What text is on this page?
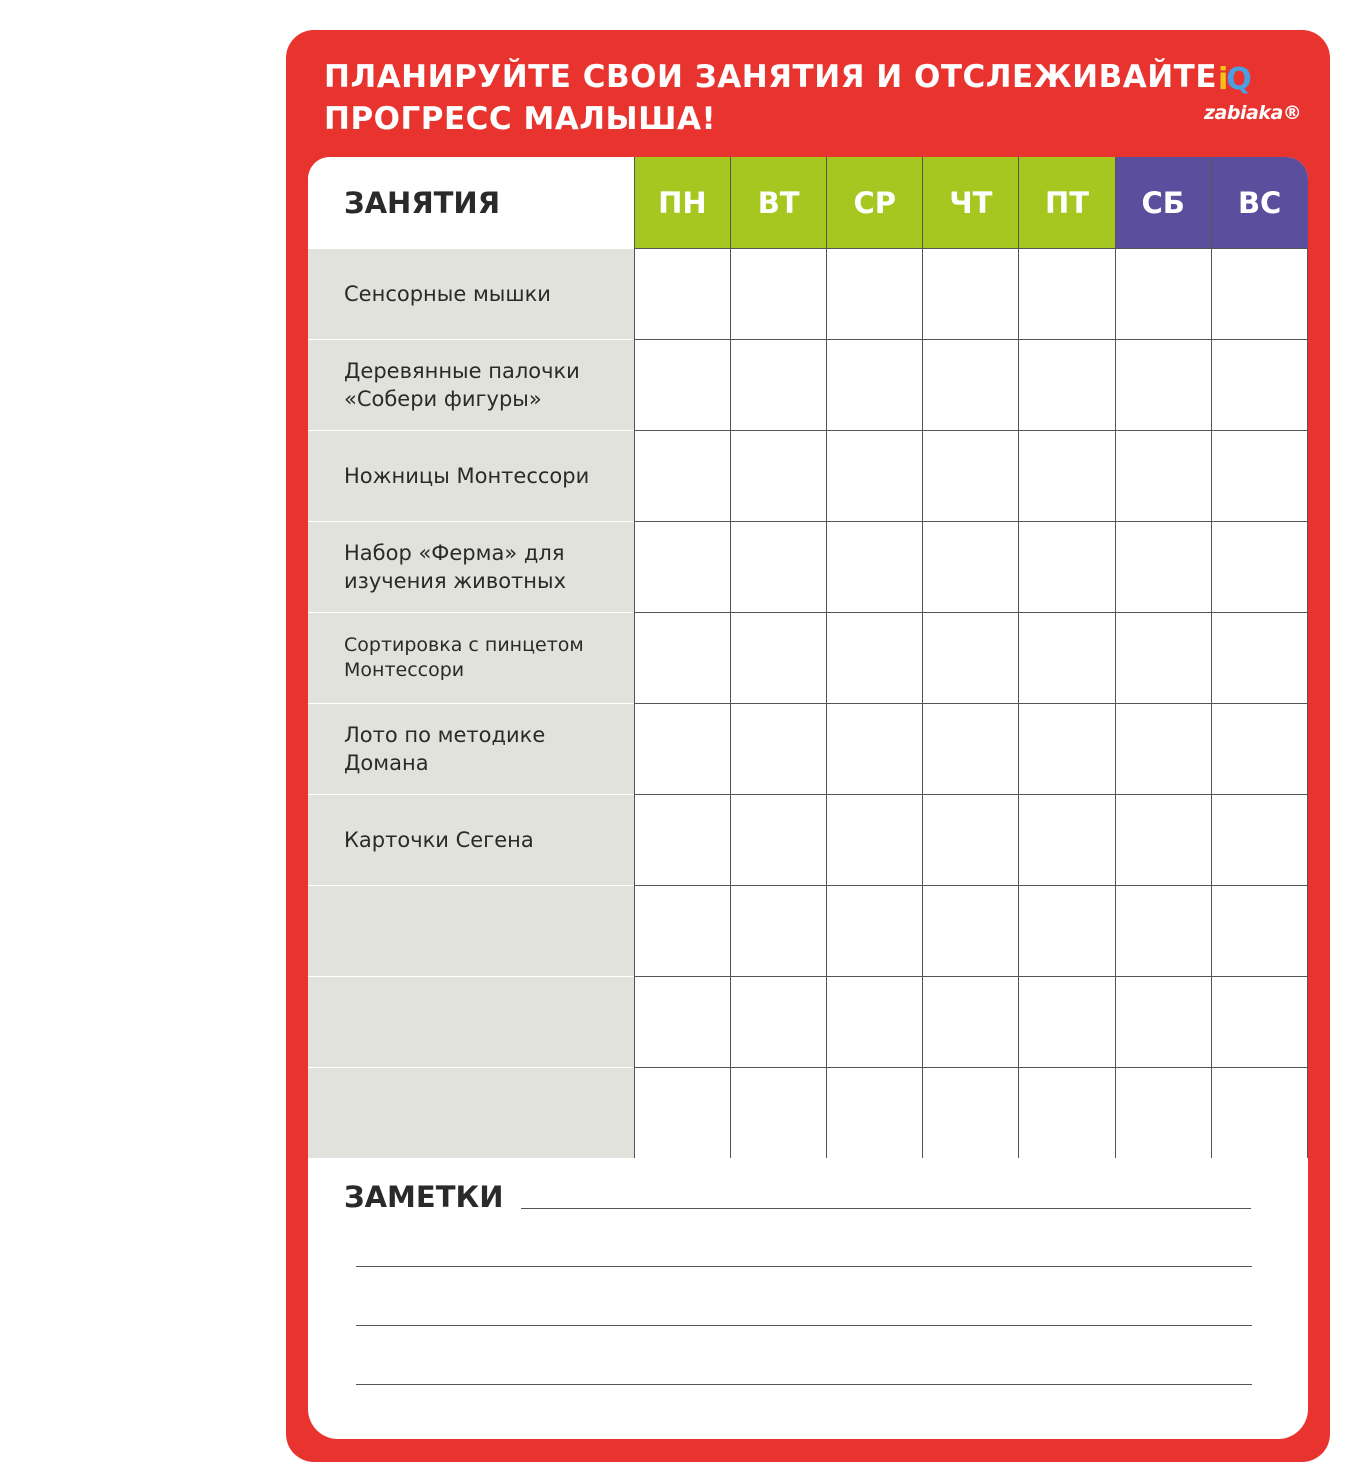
ПЛАНИРУЙТЕ СВОИ ЗАНЯТИЯ И ОТСЛЕЖИВАЙТЕ
ПРОГРЕСС МАЛЫША!
iQ
zabiaka®
ЗАНЯТИЯ	ПН	ВТ	СР	ЧТ	ПТ	СБ	ВС
Сенсорные мышки							
Деревянные палочки «Собери фигуры»							
Ножницы Монтессори							
Набор «Ферма» для изучения животных							
Сортировка с пинцетом Монтессори							
Лото по методике Домана							
Карточки Сегена							

ЗАМЕТКИ
